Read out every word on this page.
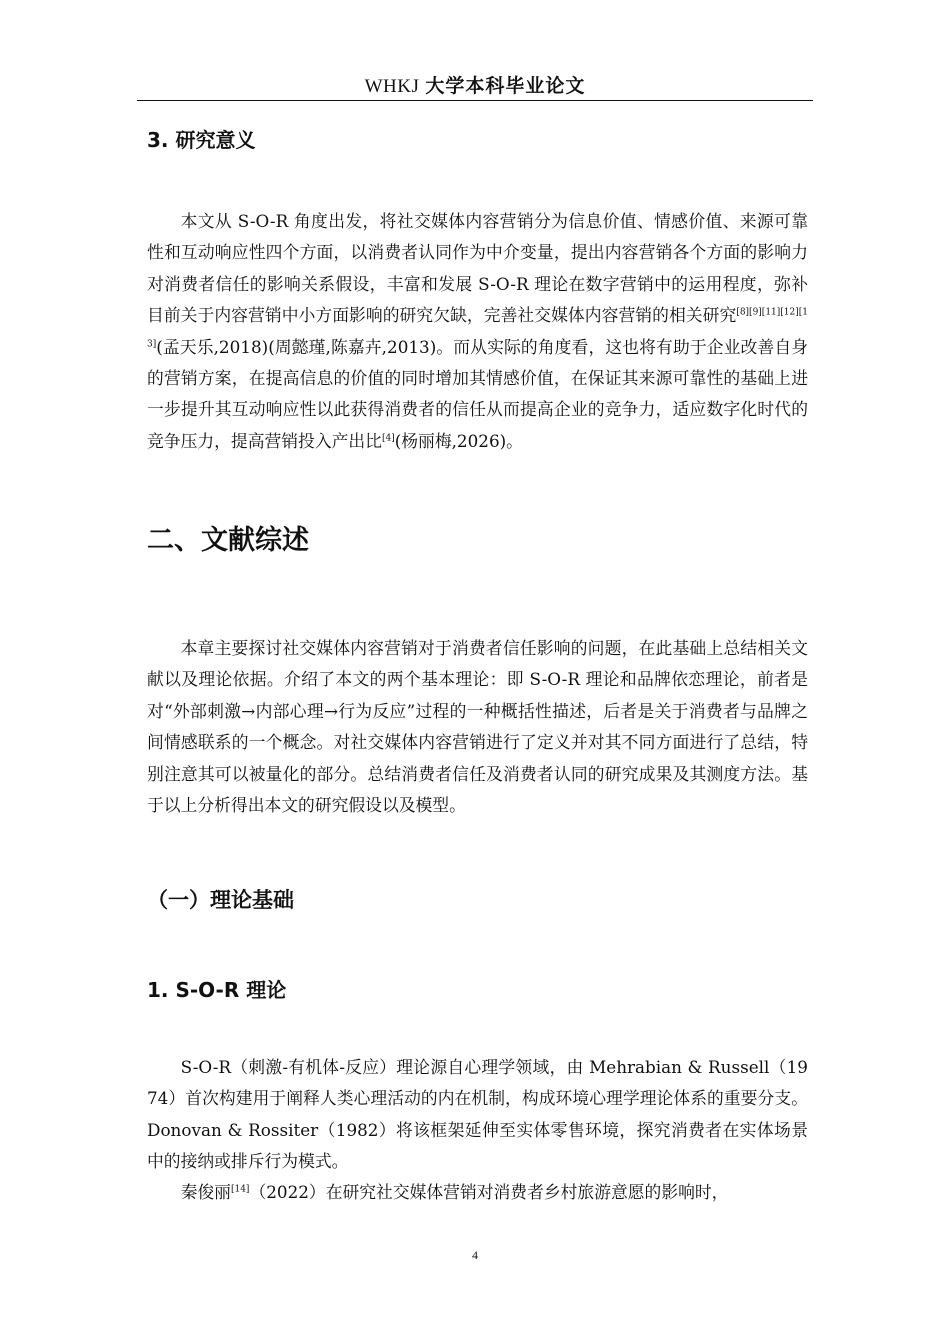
WHKJ 大学本科毕业论文
3. 研究意义

本文从 S-O-R 角度出发，将社交媒体内容营销分为信息价值、情感价值、来源可靠性和互动响应性四个方面，以消费者认同作为中介变量，提出内容营销各个方面的影响力对消费者信任的影响关系假设，丰富和发展 S-O-R 理论在数字营销中的运用程度，弥补目前关于内容营销中小方面影响的研究欠缺，完善社交媒体内容营销的相关研究[8][9][11][12][13](孟天乐,2018)(周懿瑾,陈嘉卉,2013)。而从实际的角度看，这也将有助于企业改善自身的营销方案，在提高信息的价值的同时增加其情感价值，在保证其来源可靠性的基础上进一步提升其互动响应性以此获得消费者的信任从而提高企业的竞争力，适应数字化时代的竞争压力，提高营销投入产出比[4](杨丽梅,2026)。

二、文献综述

本章主要探讨社交媒体内容营销对于消费者信任影响的问题，在此基础上总结相关文献以及理论依据。介绍了本文的两个基本理论：即 S-O-R 理论和品牌依恋理论，前者是对“外部刺激→内部心理→行为反应”过程的一种概括性描述，后者是关于消费者与品牌之间情感联系的一个概念。对社交媒体内容营销进行了定义并对其不同方面进行了总结，特别注意其可以被量化的部分。总结消费者信任及消费者认同的研究成果及其测度方法。基于以上分析得出本文的研究假设以及模型。

（一）理论基础
1. S-O-R 理论

S-O-R（刺激-有机体-反应）理论源自心理学领域，由 Mehrabian & Russell（1974）首次构建用于阐释人类心理活动的内在机制，构成环境心理学理论体系的重要分支。Donovan & Rossiter（1982）将该框架延伸至实体零售环境，探究消费者在实体场景中的接纳或排斥行为模式。

秦俊丽[14]（2022）在研究社交媒体营销对消费者乡村旅游意愿的影响时，

4
